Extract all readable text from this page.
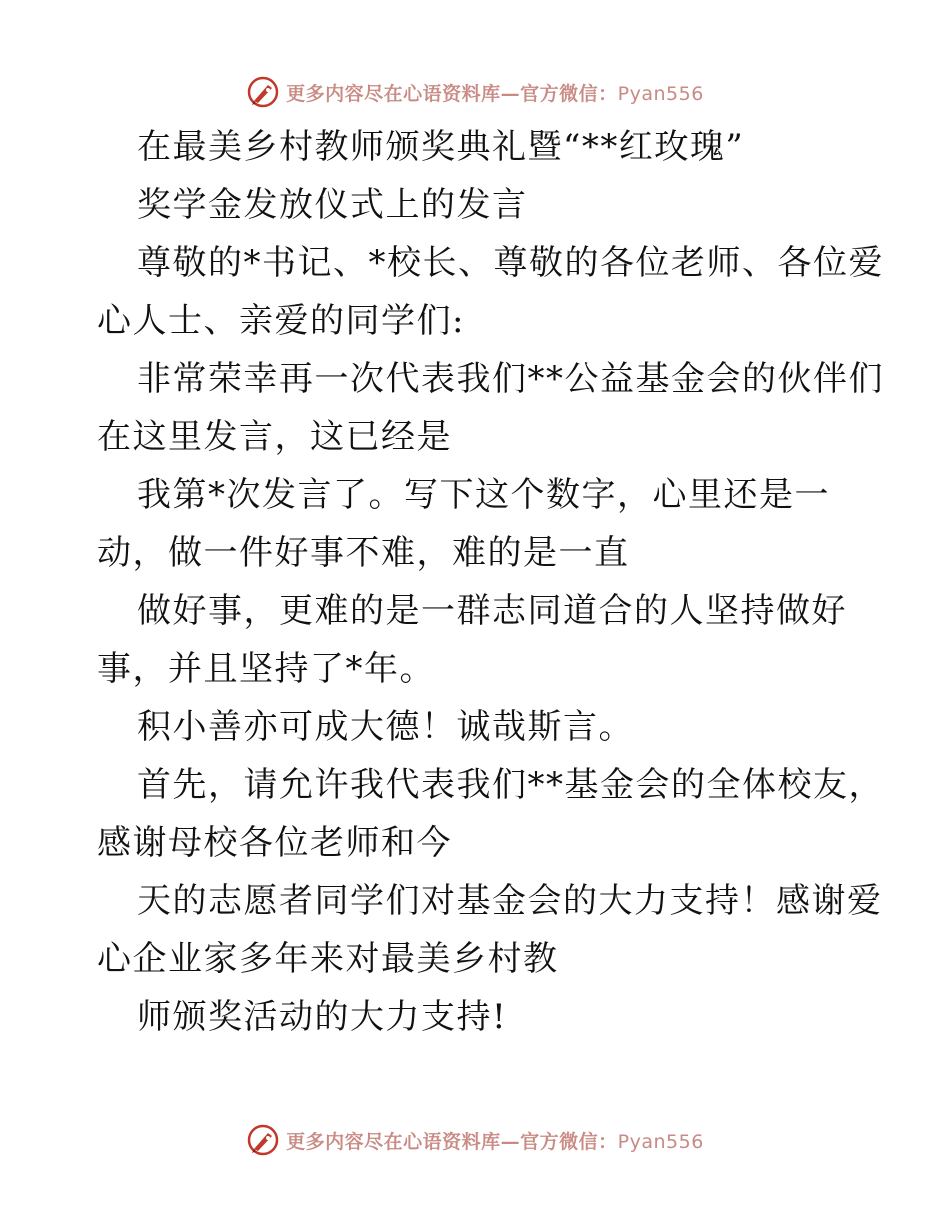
更多内容尽在心语资料库—官方微信：Pyan556
在最美乡村教师颁奖典礼暨“**红玫瑰”
奖学金发放仪式上的发言
尊敬的*书记、*校长、尊敬的各位老师、各位爱
心人士、亲爱的同学们:
非常荣幸再一次代表我们**公益基金会的伙伴们
在这里发言，这已经是
我第*次发言了。写下这个数字，心里还是一
动，做一件好事不难，难的是一直
做好事，更难的是一群志同道合的人坚持做好
事，并且坚持了*年。
积小善亦可成大德！诚哉斯言。
首先，请允许我代表我们**基金会的全体校友，
感谢母校各位老师和今
天的志愿者同学们对基金会的大力支持！感谢爱
心企业家多年来对最美乡村教
师颁奖活动的大力支持!
更多内容尽在心语资料库—官方微信：Pyan556
